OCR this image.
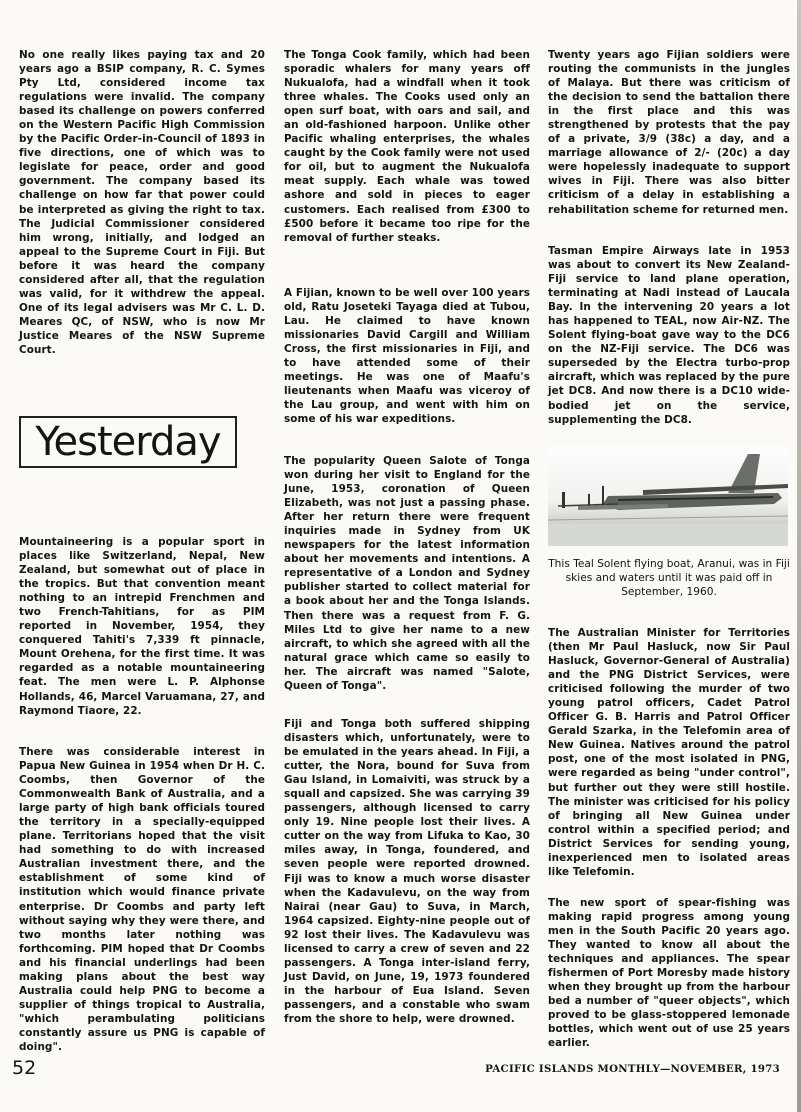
No one really likes paying tax and 20 years ago a BSIP company, R. C. Symes Pty Ltd, considered income tax regulations were invalid. The company based its challenge on powers conferred on the Western Pacific High Commission by the Pacific Order-in-Council of 1893 in five directions, one of which was to legislate for peace, order and good government. The company based its challenge on how far that power could be interpreted as giving the right to tax. The Judicial Commissioner considered him wrong, initially, and lodged an appeal to the Supreme Court in Fiji. But before it was heard the company considered after all, that the regulation was valid, for it withdrew the appeal. One of its legal advisers was Mr C. L. D. Meares QC, of NSW, who is now Mr Justice Meares of the NSW Supreme Court.

Yesterday

Mountaineering is a popular sport in places like Switzerland, Nepal, New Zealand, but somewhat out of place in the tropics. But that convention meant nothing to an intrepid Frenchmen and two French-Tahitians, for as PIM reported in November, 1954, they conquered Tahiti's 7,339 ft pinnacle, Mount Orehena, for the first time. It was regarded as a notable mountaineering feat. The men were L. P. Alphonse Hollands, 46, Marcel Varuamana, 27, and Raymond Tiaore, 22.

There was considerable interest in Papua New Guinea in 1954 when Dr H. C. Coombs, then Governor of the Commonwealth Bank of Australia, and a large party of high bank officials toured the territory in a specially-equipped plane. Territorians hoped that the visit had something to do with increased Australian investment there, and the establishment of some kind of institution which would finance private enterprise. Dr Coombs and party left without saying why they were there, and two months later nothing was forthcoming. PIM hoped that Dr Coombs and his financial underlings had been making plans about the best way Australia could help PNG to become a supplier of things tropical to Australia, "which perambulating politicians constantly assure us PNG is capable of doing".

The Tonga Cook family, which had been sporadic whalers for many years off Nukualofa, had a windfall when it took three whales. The Cooks used only an open surf boat, with oars and sail, and an old-fashioned harpoon. Unlike other Pacific whaling enterprises, the whales caught by the Cook family were not used for oil, but to augment the Nukualofa meat supply. Each whale was towed ashore and sold in pieces to eager customers. Each realised from £300 to £500 before it became too ripe for the removal of further steaks.

A Fijian, known to be well over 100 years old, Ratu Joseteki Tayaga died at Tubou, Lau. He claimed to have known missionaries David Cargill and William Cross, the first missionaries in Fiji, and to have attended some of their meetings. He was one of Maafu's lieutenants when Maafu was viceroy of the Lau group, and went with him on some of his war expeditions.

The popularity Queen Salote of Tonga won during her visit to England for the June, 1953, coronation of Queen Elizabeth, was not just a passing phase. After her return there were frequent inquiries made in Sydney from UK newspapers for the latest information about her movements and intentions. A representative of a London and Sydney publisher started to collect material for a book about her and the Tonga Islands. Then there was a request from F. G. Miles Ltd to give her name to a new aircraft, to which she agreed with all the natural grace which came so easily to her. The aircraft was named "Salote, Queen of Tonga".

Fiji and Tonga both suffered shipping disasters which, unfortunately, were to be emulated in the years ahead. In Fiji, a cutter, the Nora, bound for Suva from Gau Island, in Lomaiviti, was struck by a squall and capsized. She was carrying 39 passengers, although licensed to carry only 19. Nine people lost their lives. A cutter on the way from Lifuka to Kao, 30 miles away, in Tonga, foundered, and seven people were reported drowned. Fiji was to know a much worse disaster when the Kadavulevu, on the way from Nairai (near Gau) to Suva, in March, 1964 capsized. Eighty-nine people out of 92 lost their lives. The Kadavulevu was licensed to carry a crew of seven and 22 passengers. A Tonga inter-island ferry, Just David, on June, 19, 1973 foundered in the harbour of Eua Island. Seven passengers, and a constable who swam from the shore to help, were drowned.

Twenty years ago Fijian soldiers were routing the communists in the jungles of Malaya. But there was criticism of the decision to send the battalion there in the first place and this was strengthened by protests that the pay of a private, 3/9 (38c) a day, and a marriage allowance of 2/- (20c) a day were hopelessly inadequate to support wives in Fiji. There was also bitter criticism of a delay in establishing a rehabilitation scheme for returned men.

Tasman Empire Airways late in 1953 was about to convert its New Zealand-Fiji service to land plane operation, terminating at Nadi instead of Laucala Bay. In the intervening 20 years a lot has happened to TEAL, now Air-NZ. The Solent flying-boat gave way to the DC6 on the NZ-Fiji service. The DC6 was superseded by the Electra turbo-prop aircraft, which was replaced by the pure jet DC8. And now there is a DC10 wide-bodied jet on the service, supplementing the DC8.

This Teal Solent flying boat, Aranui, was in Fiji skies and waters until it was paid off in September, 1960.

The Australian Minister for Territories (then Mr Paul Hasluck, now Sir Paul Hasluck, Governor-General of Australia) and the PNG District Services, were criticised following the murder of two young patrol officers, Cadet Patrol Officer G. B. Harris and Patrol Officer Gerald Szarka, in the Telefomin area of New Guinea. Natives around the patrol post, one of the most isolated in PNG, were regarded as being "under control", but further out they were still hostile. The minister was criticised for his policy of bringing all New Guinea under control within a specified period; and District Services for sending young, inexperienced men to isolated areas like Telefomin.

The new sport of spear-fishing was making rapid progress among young men in the South Pacific 20 years ago. They wanted to know all about the techniques and appliances. The spear fishermen of Port Moresby made history when they brought up from the harbour bed a number of "queer objects", which proved to be glass-stoppered lemonade bottles, which went out of use 25 years earlier.

52	PACIFIC ISLANDS MONTHLY—NOVEMBER, 1973
